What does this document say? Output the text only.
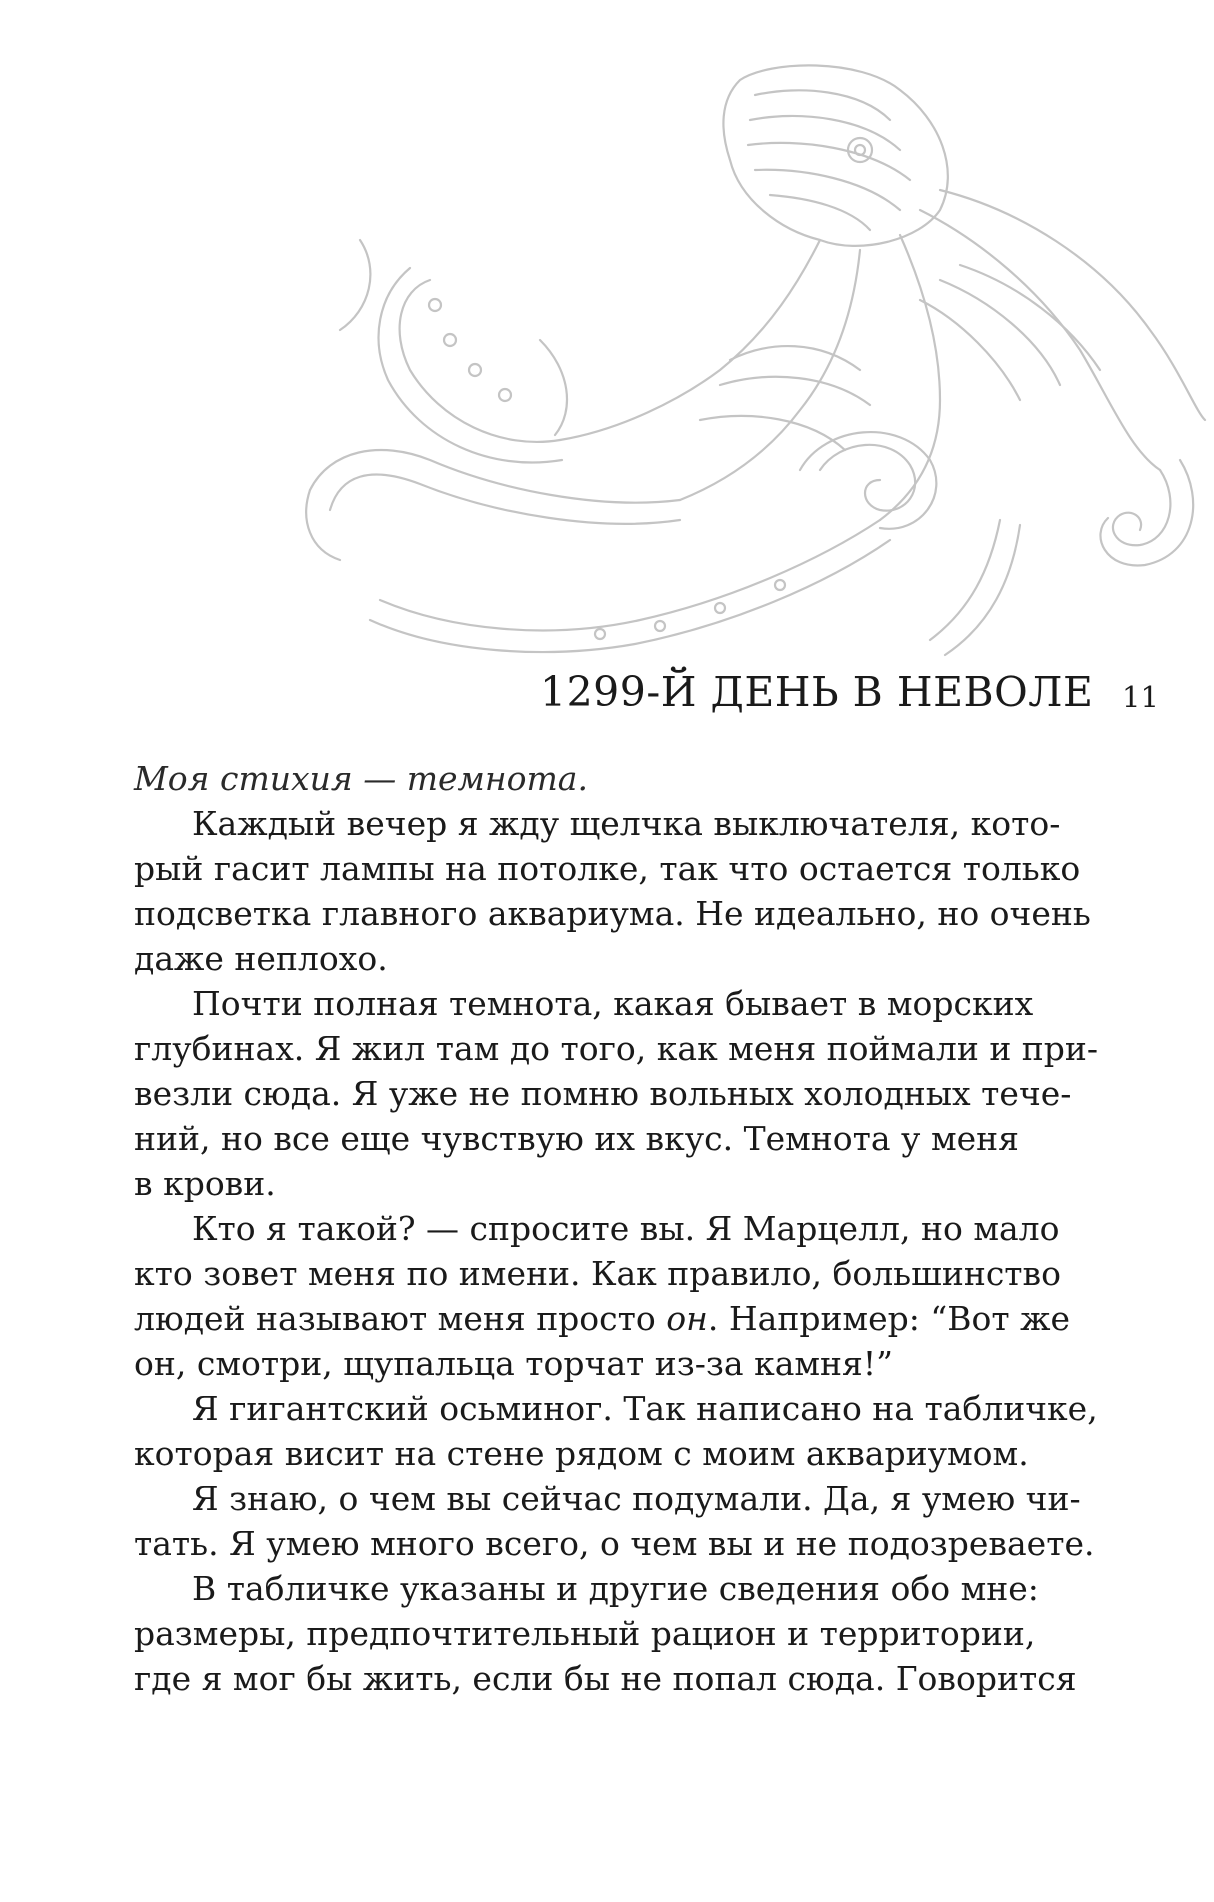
1299-Й ДЕНЬ В НЕВОЛЕ 11
Моя стихия — темнота.
Каждый вечер я жду щелчка выключателя, кото-
рый гасит лампы на потолке, так что остается только
подсветка главного аквариума. Не идеально, но очень
даже неплохо.
Почти полная темнота, какая бывает в морских
глубинах. Я жил там до того, как меня поймали и при-
везли сюда. Я уже не помню вольных холодных тече-
ний, но все еще чувствую их вкус. Темнота у меня
в крови.
Кто я такой? — спросите вы. Я Марцелл, но мало
кто зовет меня по имени. Как правило, большинство
людей называют меня просто он. Например: “Вот же
он, смотри, щупальца торчат из-за камня!”
Я гигантский осьминог. Так написано на табличке,
которая висит на стене рядом с моим аквариумом.
Я знаю, о чем вы сейчас подумали. Да, я умею чи-
тать. Я умею много всего, о чем вы и не подозреваете.
В табличке указаны и другие сведения обо мне:
размеры, предпочтительный рацион и территории,
где я мог бы жить, если бы не попал сюда. Говорится
